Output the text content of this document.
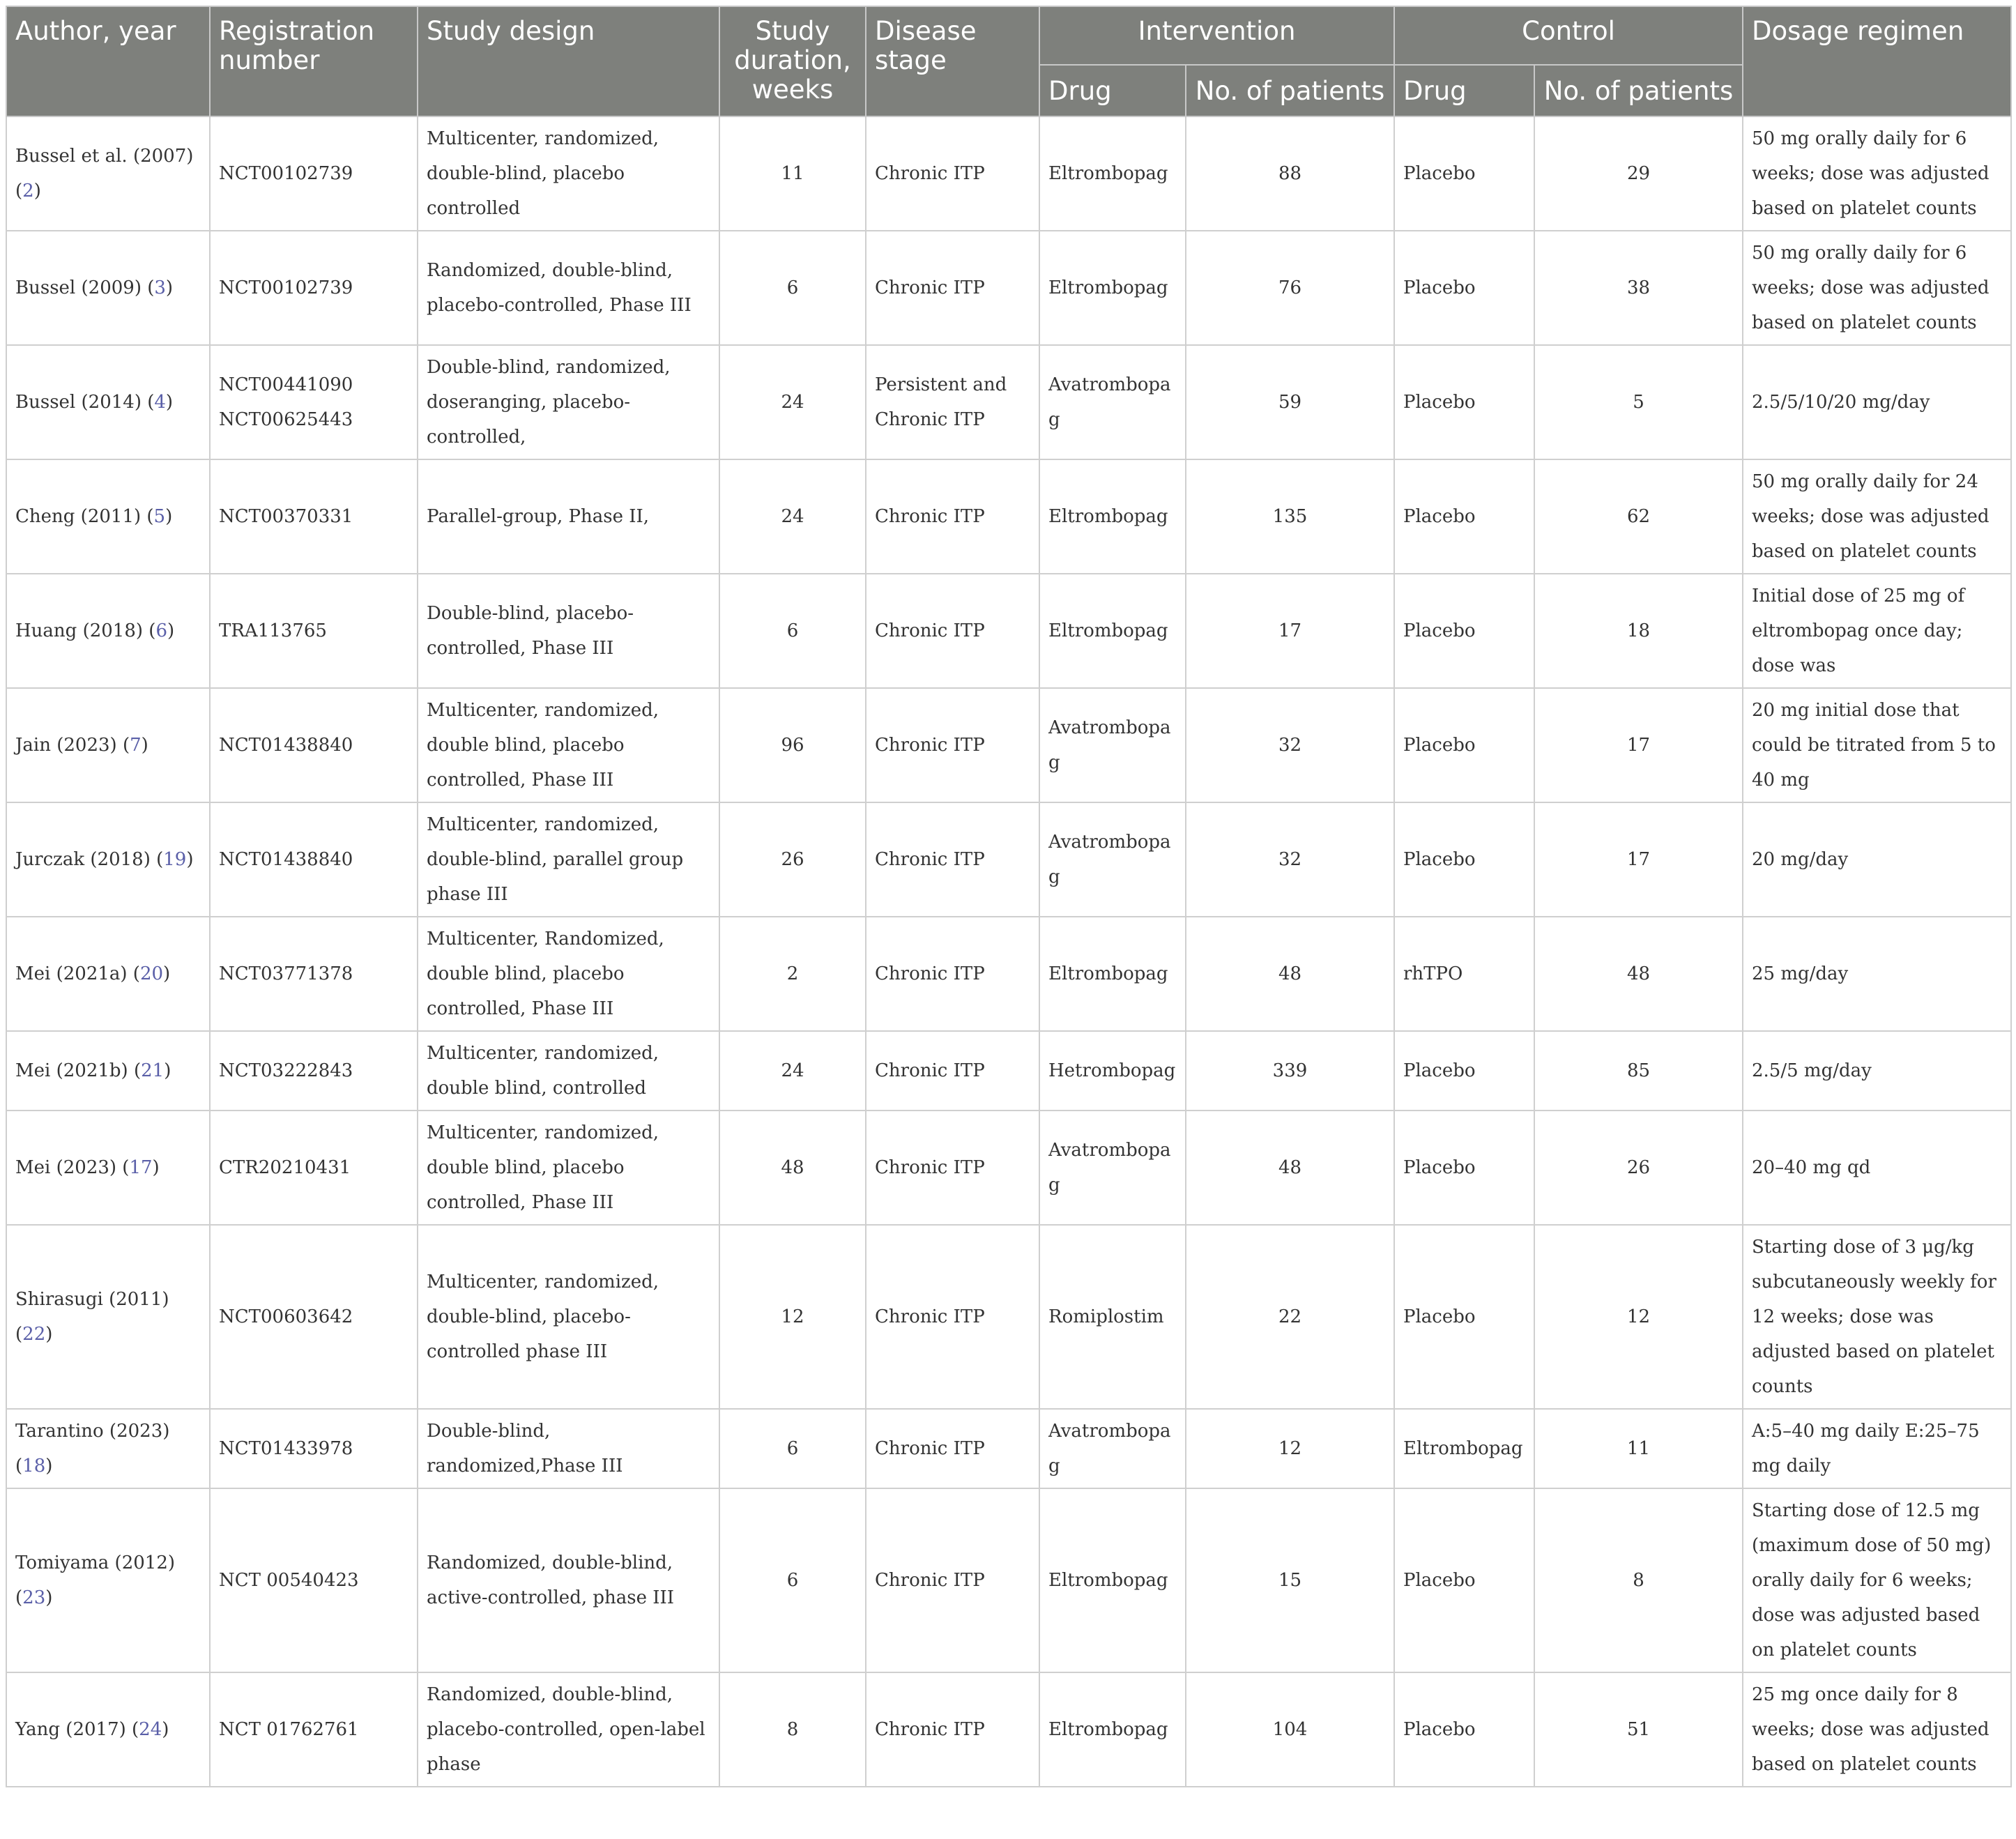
Author, year	Registration number	Study design	Study duration, weeks	Disease stage	Intervention		Control		Dosage regimen
					Drug	No. of patients	Drug	No. of patients	
Bussel et al. (2007) (2)	NCT00102739	Multicenter, randomized, double-blind, placebo controlled	11	Chronic ITP	Eltrombopag	88	Placebo	29	50 mg orally daily for 6 weeks; dose was adjusted based on platelet counts
Bussel (2009) (3)	NCT00102739	Randomized, double-blind, placebo-controlled, Phase III	6	Chronic ITP	Eltrombopag	76	Placebo	38	50 mg orally daily for 6 weeks; dose was adjusted based on platelet counts
Bussel (2014) (4)	NCT00441090 NCT00625443	Double-blind, randomized, doseranging, placebo-controlled,	24	Persistent and Chronic ITP	Avatrombopag	59	Placebo	5	2.5/5/10/20 mg/day
Cheng (2011) (5)	NCT00370331	Parallel-group, Phase II,	24	Chronic ITP	Eltrombopag	135	Placebo	62	50 mg orally daily for 24 weeks; dose was adjusted based on platelet counts
Huang (2018) (6)	TRA113765	Double-blind, placebo-controlled, Phase III	6	Chronic ITP	Eltrombopag	17	Placebo	18	Initial dose of 25 mg of eltrombopag once day; dose was
Jain (2023) (7)	NCT01438840	Multicenter, randomized, double blind, placebo controlled, Phase III	96	Chronic ITP	Avatrombopag	32	Placebo	17	20 mg initial dose that could be titrated from 5 to 40 mg
Jurczak (2018) (19)	NCT01438840	Multicenter, randomized, double-blind, parallel group phase III	26	Chronic ITP	Avatrombopag	32	Placebo	17	20 mg/day
Mei (2021a) (20)	NCT03771378	Multicenter, Randomized, double blind, placebo controlled, Phase III	2	Chronic ITP	Eltrombopag	48	rhTPO	48	25 mg/day
Mei (2021b) (21)	NCT03222843	Multicenter, randomized, double blind, controlled	24	Chronic ITP	Hetrombopag	339	Placebo	85	2.5/5 mg/day
Mei (2023) (17)	CTR20210431	Multicenter, randomized, double blind, placebo controlled, Phase III	48	Chronic ITP	Avatrombopag	48	Placebo	26	20–40 mg qd
Shirasugi (2011) (22)	NCT00603642	Multicenter, randomized, double-blind, placebo-controlled phase III	12	Chronic ITP	Romiplostim	22	Placebo	12	Starting dose of 3 μg/kg subcutaneously weekly for 12 weeks; dose was adjusted based on platelet counts
Tarantino (2023) (18)	NCT01433978	Double-blind, randomized,Phase III	6	Chronic ITP	Avatrombopag	12	Eltrombopag	11	A:5–40 mg daily E:25–75 mg daily
Tomiyama (2012) (23)	NCT 00540423	Randomized, double-blind, active-controlled, phase III	6	Chronic ITP	Eltrombopag	15	Placebo	8	Starting dose of 12.5 mg (maximum dose of 50 mg) orally daily for 6 weeks; dose was adjusted based on platelet counts
Yang (2017) (24)	NCT 01762761	Randomized, double-blind, placebo-controlled, open-label phase	8	Chronic ITP	Eltrombopag	104	Placebo	51	25 mg once daily for 8 weeks; dose was adjusted based on platelet counts
